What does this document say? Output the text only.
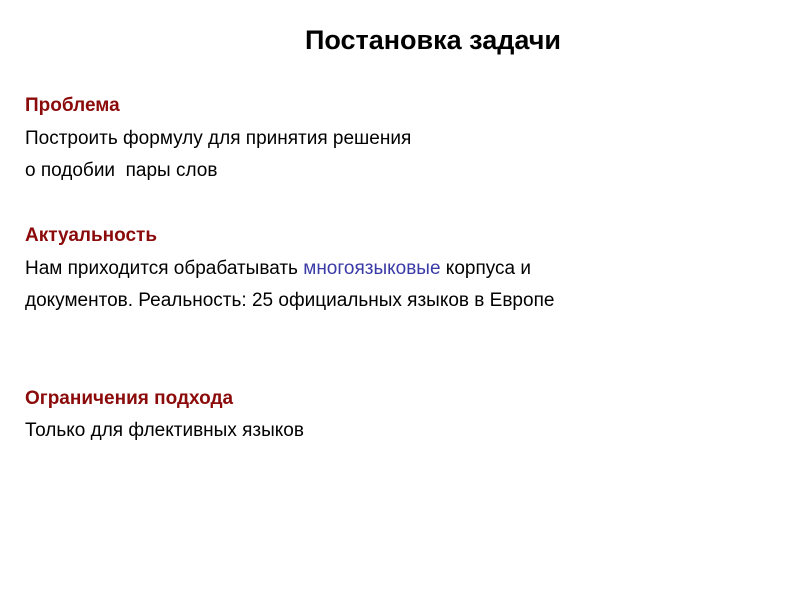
Постановка задачи
Проблема
Построить формулу для принятия решения
о подобии  пары слов
Актуальность
Нам приходится обрабатывать многоязыковые корпуса и
документов. Реальность: 25 официальных языков в Европе
Ограничения подхода
Только для флективных языков
